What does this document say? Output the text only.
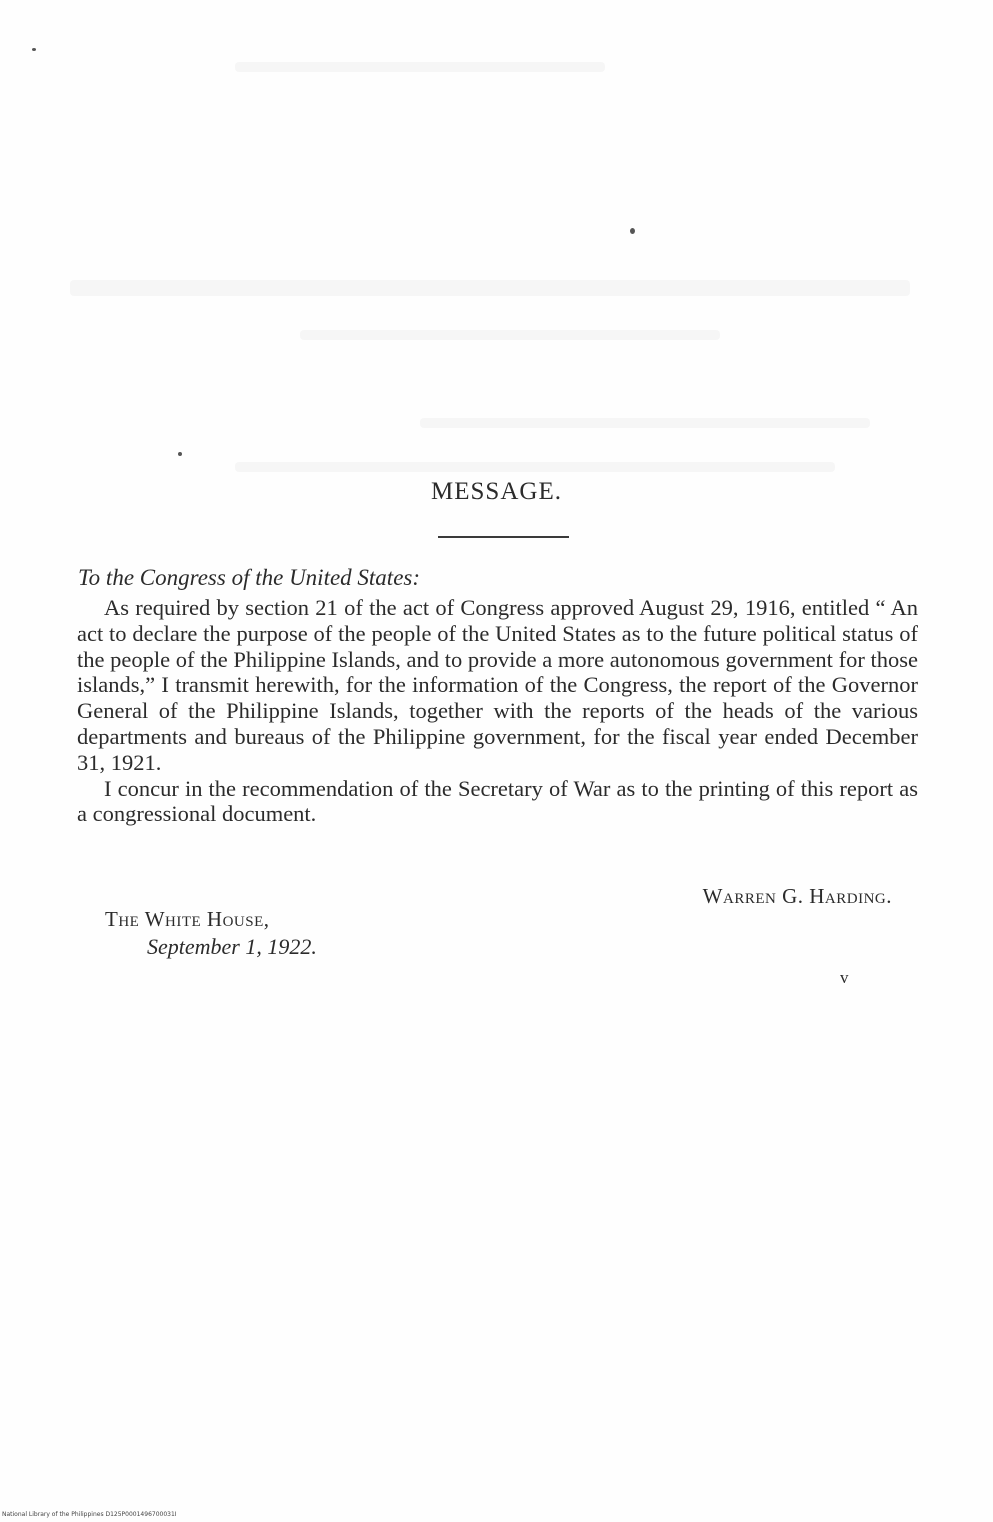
MESSAGE.
To the Congress of the United States:

As required by section 21 of the act of Congress approved August 29, 1916, entitled “ An act to declare the purpose of the people of the United States as to the future political status of the people of the Philippine Islands, and to provide a more autonomous government for those islands,” I transmit herewith, for the information of the Congress, the report of the Governor General of the Philippine Islands, together with the reports of the heads of the various departments and bureaus of the Philippine government, for the fiscal year ended December 31, 1921.

I concur in the recommendation of the Secretary of War as to the printing of this report as a congressional document.

Warren G. Harding.
The White House,
September 1, 1922.
v
National Library of the Philippines D125P0001496700031I
